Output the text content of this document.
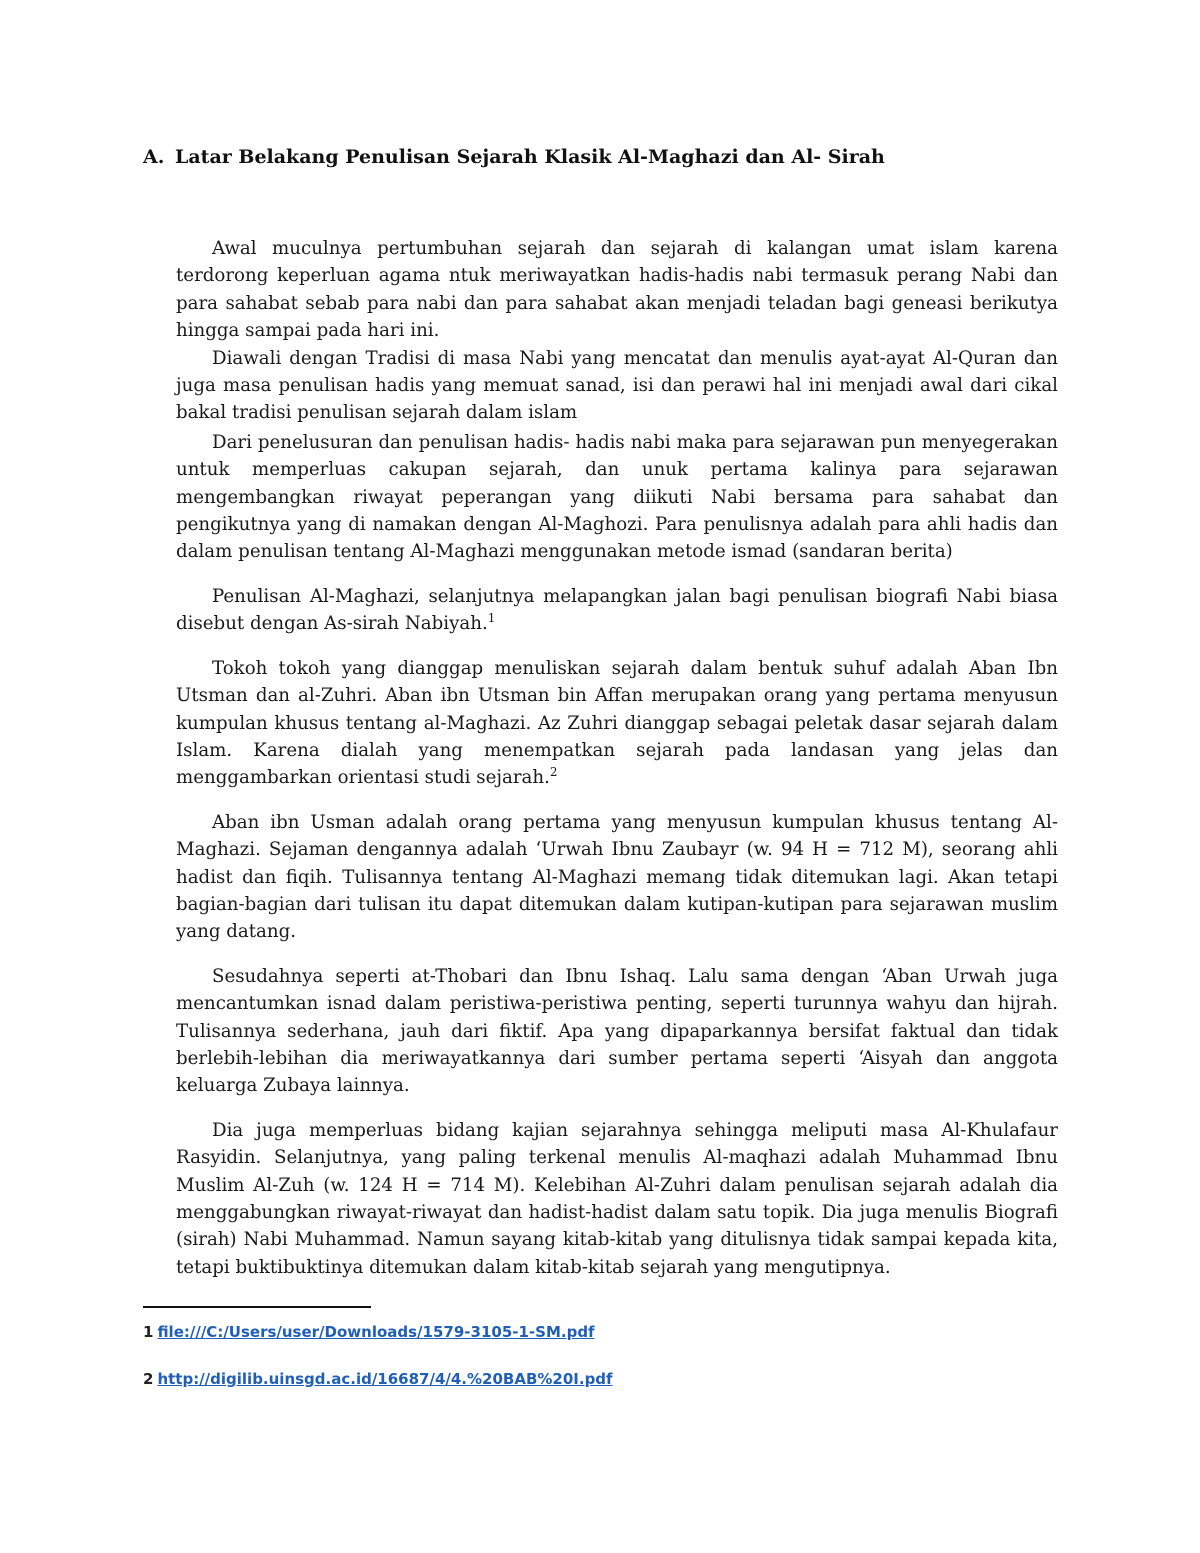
A. Latar Belakang Penulisan Sejarah Klasik Al-Maghazi dan Al- Sirah

Awal muculnya pertumbuhan sejarah dan sejarah di kalangan umat islam karena terdorong keperluan agama ntuk meriwayatkan hadis-hadis nabi termasuk perang Nabi dan para sahabat sebab para nabi dan para sahabat akan menjadi teladan bagi geneasi berikutya hingga sampai pada hari ini.

Diawali dengan Tradisi di masa Nabi yang mencatat dan menulis ayat-ayat Al-Quran dan juga masa penulisan hadis yang memuat sanad, isi dan perawi hal ini menjadi awal dari cikal bakal tradisi penulisan sejarah dalam islam

Dari penelusuran dan penulisan hadis- hadis nabi maka para sejarawan pun menyegerakan untuk memperluas cakupan sejarah, dan unuk pertama kalinya para sejarawan mengembangkan riwayat peperangan yang diikuti Nabi bersama para sahabat dan pengikutnya yang di namakan dengan Al-Maghozi. Para penulisnya adalah para ahli hadis dan dalam penulisan tentang Al-Maghazi menggunakan metode ismad (sandaran berita)

Penulisan Al-Maghazi, selanjutnya melapangkan jalan bagi penulisan biografi Nabi biasa disebut dengan As-sirah Nabiyah.$^1$

Tokoh tokoh yang dianggap menuliskan sejarah dalam bentuk suhuf adalah Aban Ibn Utsman dan al-Zuhri. Aban ibn Utsman bin Affan merupakan orang yang pertama menyusun kumpulan khusus tentang al-Maghazi. Az Zuhri dianggap sebagai peletak dasar sejarah dalam Islam. Karena dialah yang menempatkan sejarah pada landasan yang jelas dan menggambarkan orientasi studi sejarah.$^2$

Aban ibn Usman adalah orang pertama yang menyusun kumpulan khusus tentang Al-Maghazi. Sejaman dengannya adalah ‘Urwah Ibnu Zaubayr (w. 94 H = 712 M), seorang ahli hadist dan fiqih. Tulisannya tentang Al-Maghazi memang tidak ditemukan lagi. Akan tetapi bagian-bagian dari tulisan itu dapat ditemukan dalam kutipan-kutipan para sejarawan muslim yang datang.

Sesudahnya seperti at-Thobari dan Ibnu Ishaq. Lalu sama dengan ‘Aban Urwah juga mencantumkan isnad dalam peristiwa-peristiwa penting, seperti turunnya wahyu dan hijrah. Tulisannya sederhana, jauh dari fiktif. Apa yang dipaparkannya bersifat faktual dan tidak berlebih-lebihan dia meriwayatkannya dari sumber pertama seperti ‘Aisyah dan anggota keluarga Zubaya lainnya.

Dia juga memperluas bidang kajian sejarahnya sehingga meliputi masa Al-Khulafaur Rasyidin. Selanjutnya, yang paling terkenal menulis Al-maqhazi adalah Muhammad Ibnu Muslim Al-Zuh (w. 124 H = 714 M). Kelebihan Al-Zuhri dalam penulisan sejarah adalah dia menggabungkan riwayat-riwayat dan hadist-hadist dalam satu topik. Dia juga menulis Biografi (sirah) Nabi Muhammad. Namun sayang kitab-kitab yang ditulisnya tidak sampai kepada kita, tetapi buktibuktinya ditemukan dalam kitab-kitab sejarah yang mengutipnya.

1 file:///C:/Users/user/Downloads/1579-3105-1-SM.pdf
2 http://digilib.uinsgd.ac.id/16687/4/4.%20BAB%20I.pdf
